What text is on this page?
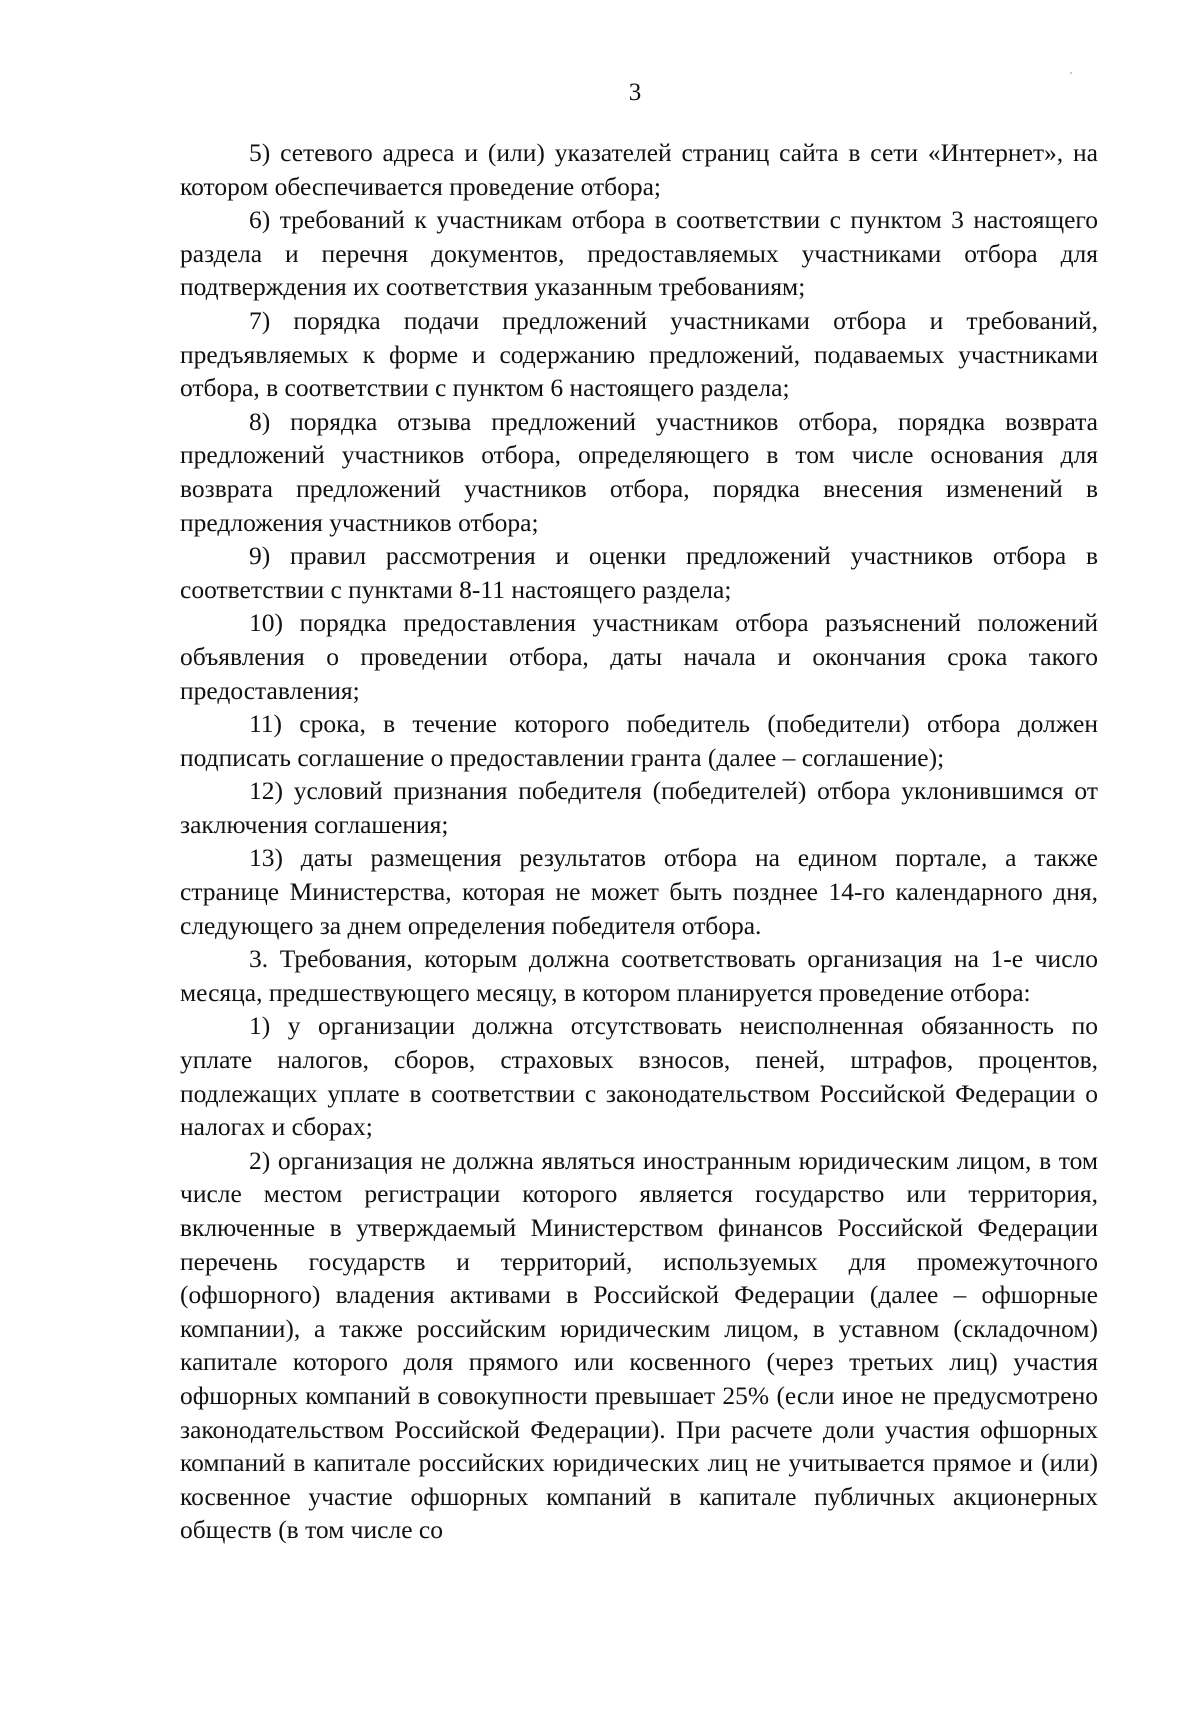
3

5) сетевого адреса и (или) указателей страниц сайта в сети «Интернет», на котором обеспечивается проведение отбора;

6) требований к участникам отбора в соответствии с пунктом 3 настоящего раздела и перечня документов, предоставляемых участниками отбора для подтверждения их соответствия указанным требованиям;

7) порядка подачи предложений участниками отбора и требований, предъявляемых к форме и содержанию предложений, подаваемых участниками отбора, в соответствии с пунктом 6 настоящего раздела;

8) порядка отзыва предложений участников отбора, порядка возврата предложений участников отбора, определяющего в том числе основания для возврата предложений участников отбора, порядка внесения изменений в предложения участников отбора;

9) правил рассмотрения и оценки предложений участников отбора в соответствии с пунктами 8-11 настоящего раздела;

10) порядка предоставления участникам отбора разъяснений положений объявления о проведении отбора, даты начала и окончания срока такого предоставления;

11) срока, в течение которого победитель (победители) отбора должен подписать соглашение о предоставлении гранта (далее – соглашение);

12) условий признания победителя (победителей) отбора уклонившимся от заключения соглашения;

13) даты размещения результатов отбора на едином портале, а также странице Министерства, которая не может быть позднее 14-го календарного дня, следующего за днем определения победителя отбора.

3. Требования, которым должна соответствовать организация на 1-е число месяца, предшествующего месяцу, в котором планируется проведение отбора:

1) у организации должна отсутствовать неисполненная обязанность по уплате налогов, сборов, страховых взносов, пеней, штрафов, процентов, подлежащих уплате в соответствии с законодательством Российской Федерации о налогах и сборах;

2) организация не должна являться иностранным юридическим лицом, в том числе местом регистрации которого является государство или территория, включенные в утверждаемый Министерством финансов Российской Федерации перечень государств и территорий, используемых для промежуточного (офшорного) владения активами в Российской Федерации (далее – офшорные компании), а также российским юридическим лицом, в уставном (складочном) капитале которого доля прямого или косвенного (через третьих лиц) участия офшорных компаний в совокупности превышает 25% (если иное не предусмотрено законодательством Российской Федерации). При расчете доли участия офшорных компаний в капитале российских юридических лиц не учитывается прямое и (или) косвенное участие офшорных компаний в капитале публичных акционерных обществ (в том числе со
